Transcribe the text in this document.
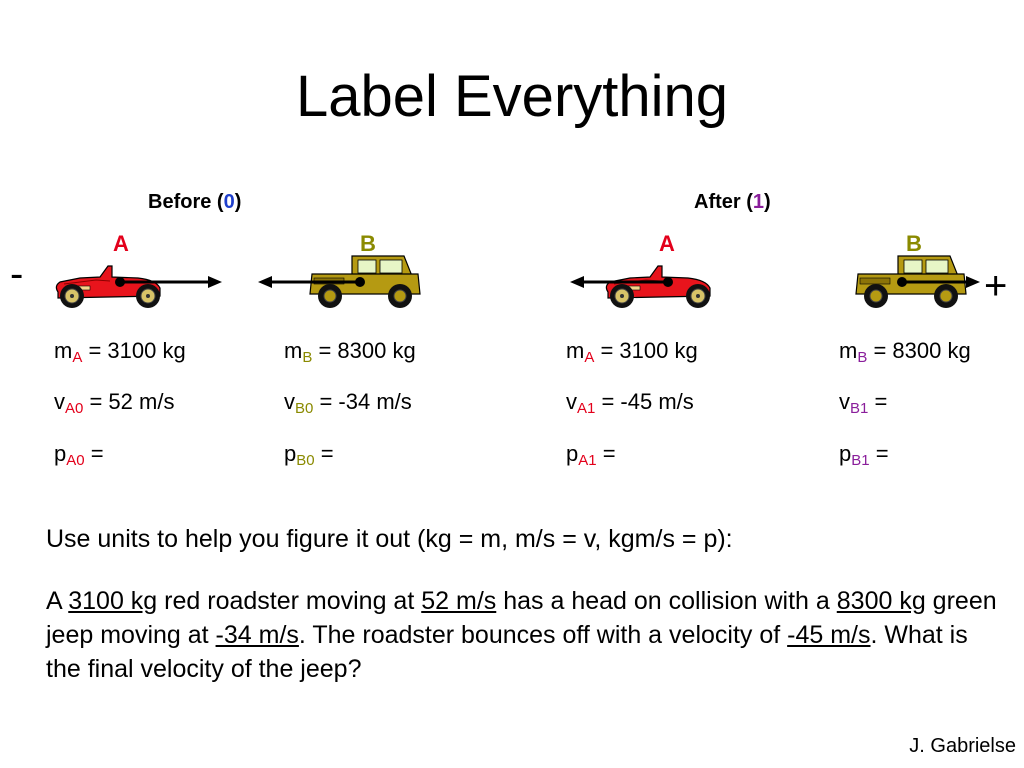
Label Everything
Before (0)	After (1)
A	B	A	B
-	+
$m_A = 3100$ kg
$v_{A0} = 52$ m/s
$p_{A0}$ =
$m_B = 8300$ kg
$v_{B0} = -34$ m/s
$p_{B0}$ =
$m_A = 3100$ kg
$v_{A1} = -45$ m/s
$p_{A1}$ =
$m_B = 8300$ kg
$v_{B1}$ =
$p_{B1}$ =
Use units to help you figure it out (kg = m, m/s = v, kgm/s = p):
A 3100 kg red roadster moving at 52 m/s has a head on collision with a 8300 kg green jeep moving at -34 m/s. The roadster bounces off with a velocity of -45 m/s. What is the final velocity of the jeep?
J. Gabrielse
